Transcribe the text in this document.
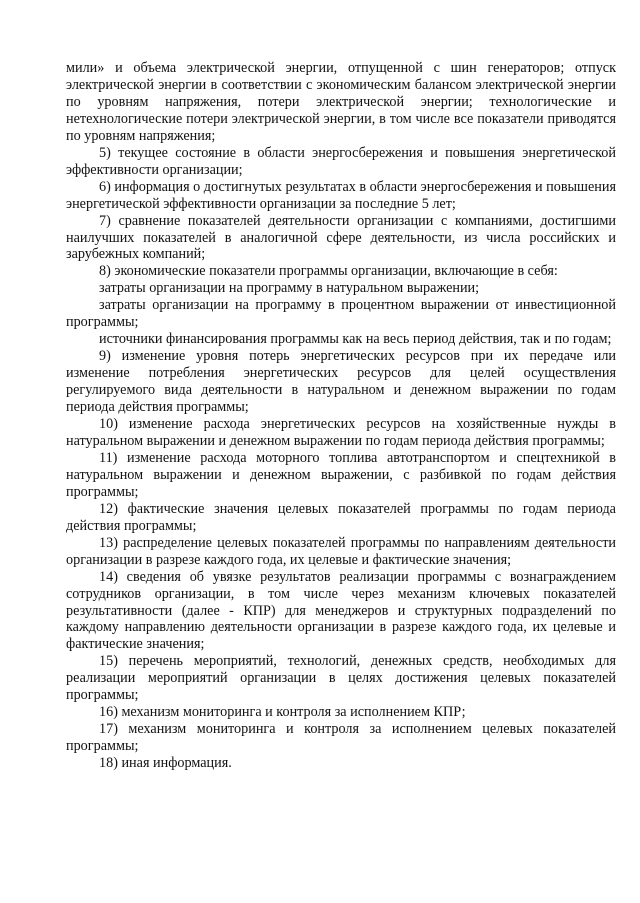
мили» и объема электрической энергии, отпущенной с шин генераторов; отпуск электрической энергии в соответствии с экономическим балансом электрической энергии по уровням напряжения, потери электрической энергии; технологические и нетехнологические потери электрической энергии, в том числе все показатели приводятся по уровням напряжения;

5) текущее состояние в области энергосбережения и повышения энергетической эффективности организации;

6) информация о достигнутых результатах в области энергосбережения и повышения энергетической эффективности организации за последние 5 лет;

7) сравнение показателей деятельности организации с компаниями, достигшими наилучших показателей в аналогичной сфере деятельности, из числа российских и зарубежных компаний;

8) экономические показатели программы организации, включающие в себя:

затраты организации на программу в натуральном выражении;

затраты организации на программу в процентном выражении от инвестиционной программы;

источники финансирования программы как на весь период действия, так и по годам;

9) изменение уровня потерь энергетических ресурсов при их передаче или изменение потребления энергетических ресурсов для целей осуществления регулируемого вида деятельности в натуральном и денежном выражении по годам периода действия программы;

10) изменение расхода энергетических ресурсов на хозяйственные нужды в натуральном выражении и денежном выражении по годам периода действия программы;

11) изменение расхода моторного топлива автотранспортом и спецтехникой в натуральном выражении и денежном выражении, с разбивкой по годам действия программы;

12) фактические значения целевых показателей программы по годам периода действия программы;

13) распределение целевых показателей программы по направлениям деятельности организации в разрезе каждого года, их целевые и фактические значения;

14) сведения об увязке результатов реализации программы с вознаграждением сотрудников организации, в том числе через механизм ключевых показателей результативности (далее - КПР) для менеджеров и структурных подразделений по каждому направлению деятельности организации в разрезе каждого года, их целевые и фактические значения;

15) перечень мероприятий, технологий, денежных средств, необходимых для реализации мероприятий организации в целях достижения целевых показателей программы;

16) механизм мониторинга и контроля за исполнением КПР;

17) механизм мониторинга и контроля за исполнением целевых показателей программы;

18) иная информация.
